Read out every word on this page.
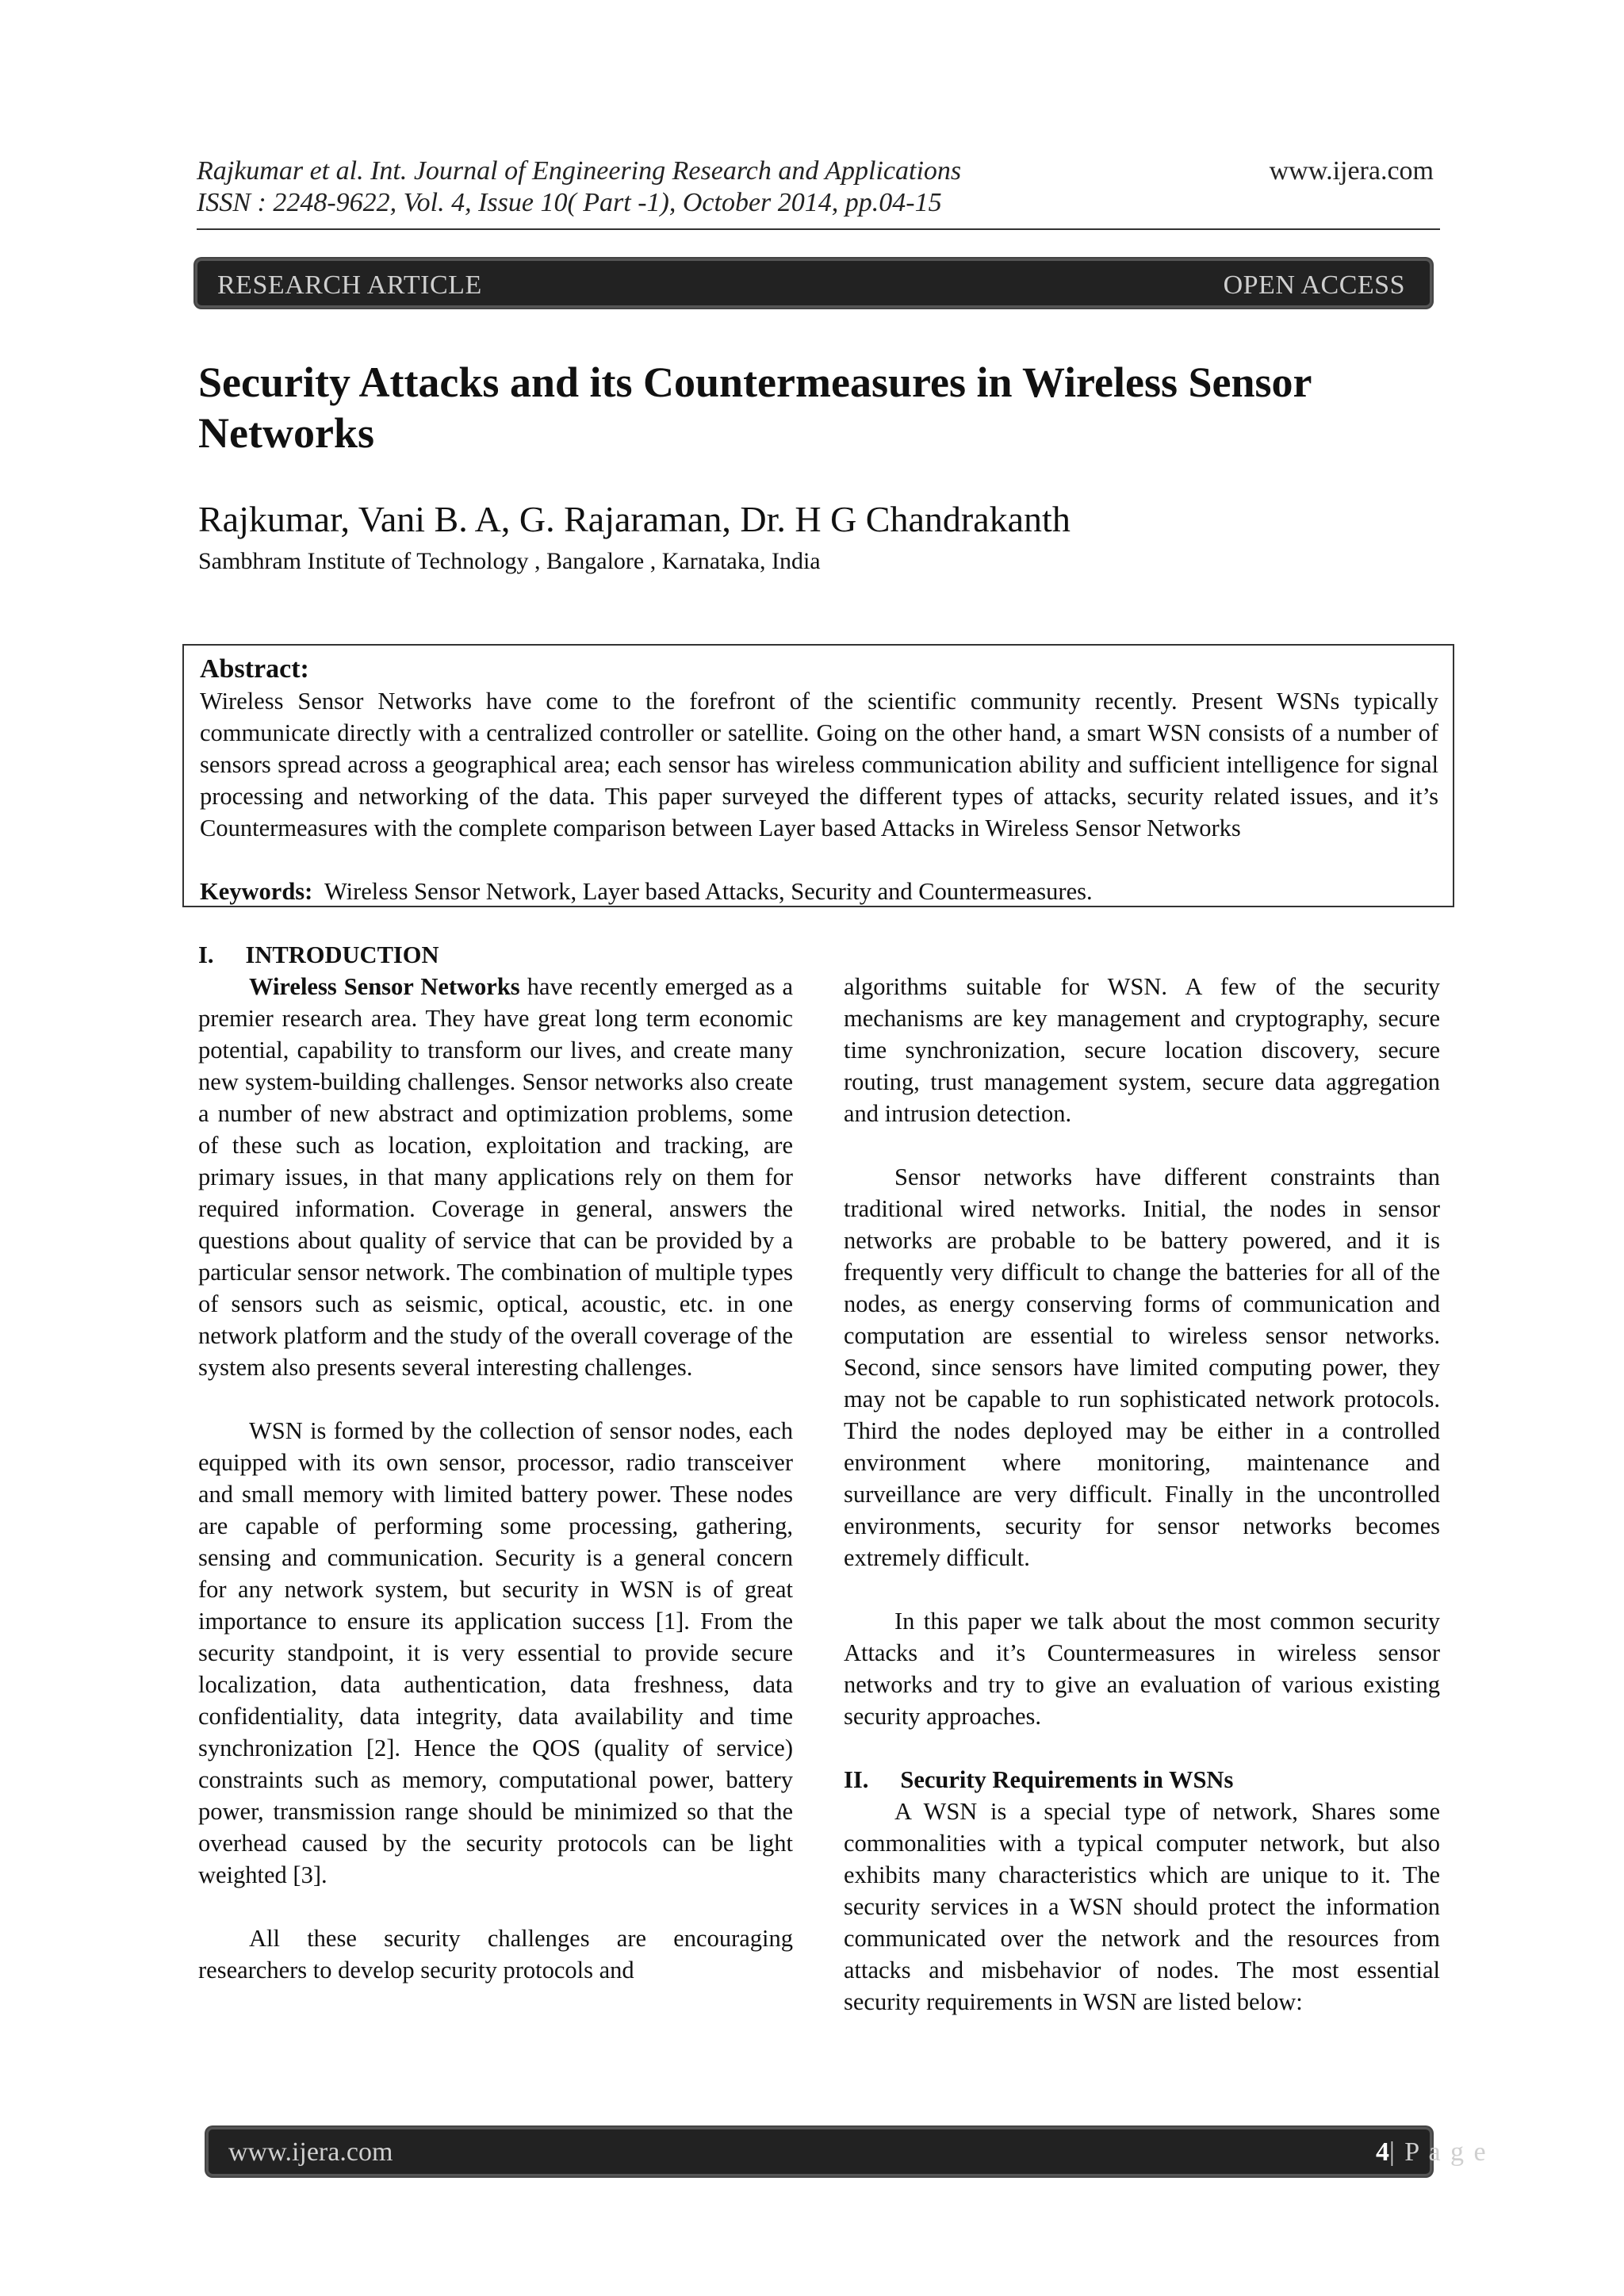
Rajkumar et al. Int. Journal of Engineering Research and Applications
ISSN : 2248-9622, Vol. 4, Issue 10( Part -1), October 2014, pp.04-15
www.ijera.com
RESEARCH ARTICLE	OPEN ACCESS
Security Attacks and its Countermeasures in Wireless Sensor Networks
Rajkumar, Vani B. A, G. Rajaraman, Dr. H G Chandrakanth
Sambhram Institute of Technology , Bangalore , Karnataka, India
Abstract:
Wireless Sensor Networks have come to the forefront of the scientific community recently. Present WSNs typically communicate directly with a centralized controller or satellite. Going on the other hand, a smart WSN consists of a number of sensors spread across a geographical area; each sensor has wireless communication ability and sufficient intelligence for signal processing and networking of the data. This paper surveyed the different types of attacks, security related issues, and it’s Countermeasures with the complete comparison between Layer based Attacks in Wireless Sensor Networks
Keywords: Wireless Sensor Network, Layer based Attacks, Security and Countermeasures.

I. INTRODUCTION

Wireless Sensor Networks have recently emerged as a premier research area. They have great long term economic potential, capability to transform our lives, and create many new system-building challenges. Sensor networks also create a number of new abstract and optimization problems, some of these such as location, exploitation and tracking, are primary issues, in that many applications rely on them for required information. Coverage in general, answers the questions about quality of service that can be provided by a particular sensor network. The combination of multiple types of sensors such as seismic, optical, acoustic, etc. in one network platform and the study of the overall coverage of the system also presents several interesting challenges.

WSN is formed by the collection of sensor nodes, each equipped with its own sensor, processor, radio transceiver and small memory with limited battery power. These nodes are capable of performing some processing, gathering, sensing and communication. Security is a general concern for any network system, but security in WSN is of great importance to ensure its application success [1]. From the security standpoint, it is very essential to provide secure localization, data authentication, data freshness, data confidentiality, data integrity, data availability and time synchronization [2]. Hence the QOS (quality of service) constraints such as memory, computational power, battery power, transmission range should be minimized so that the overhead caused by the security protocols can be light weighted [3].

All these security challenges are encouraging researchers to develop security protocols and

algorithms suitable for WSN. A few of the security mechanisms are key management and cryptography, secure time synchronization, secure location discovery, secure routing, trust management system, secure data aggregation and intrusion detection.

Sensor networks have different constraints than traditional wired networks. Initial, the nodes in sensor networks are probable to be battery powered, and it is frequently very difficult to change the batteries for all of the nodes, as energy conserving forms of communication and computation are essential to wireless sensor networks. Second, since sensors have limited computing power, they may not be capable to run sophisticated network protocols. Third the nodes deployed may be either in a controlled environment where monitoring, maintenance and surveillance are very difficult. Finally in the uncontrolled environments, security for sensor networks becomes extremely difficult.

In this paper we talk about the most common security Attacks and it’s Countermeasures in wireless sensor networks and try to give an evaluation of various existing security approaches.

II. Security Requirements in WSNs

A WSN is a special type of network, Shares some commonalities with a typical computer network, but also exhibits many characteristics which are unique to it. The security services in a WSN should protect the information communicated over the network and the resources from attacks and misbehavior of nodes. The most essential security requirements in WSN are listed below:

www.ijera.com	4 | P a g e
